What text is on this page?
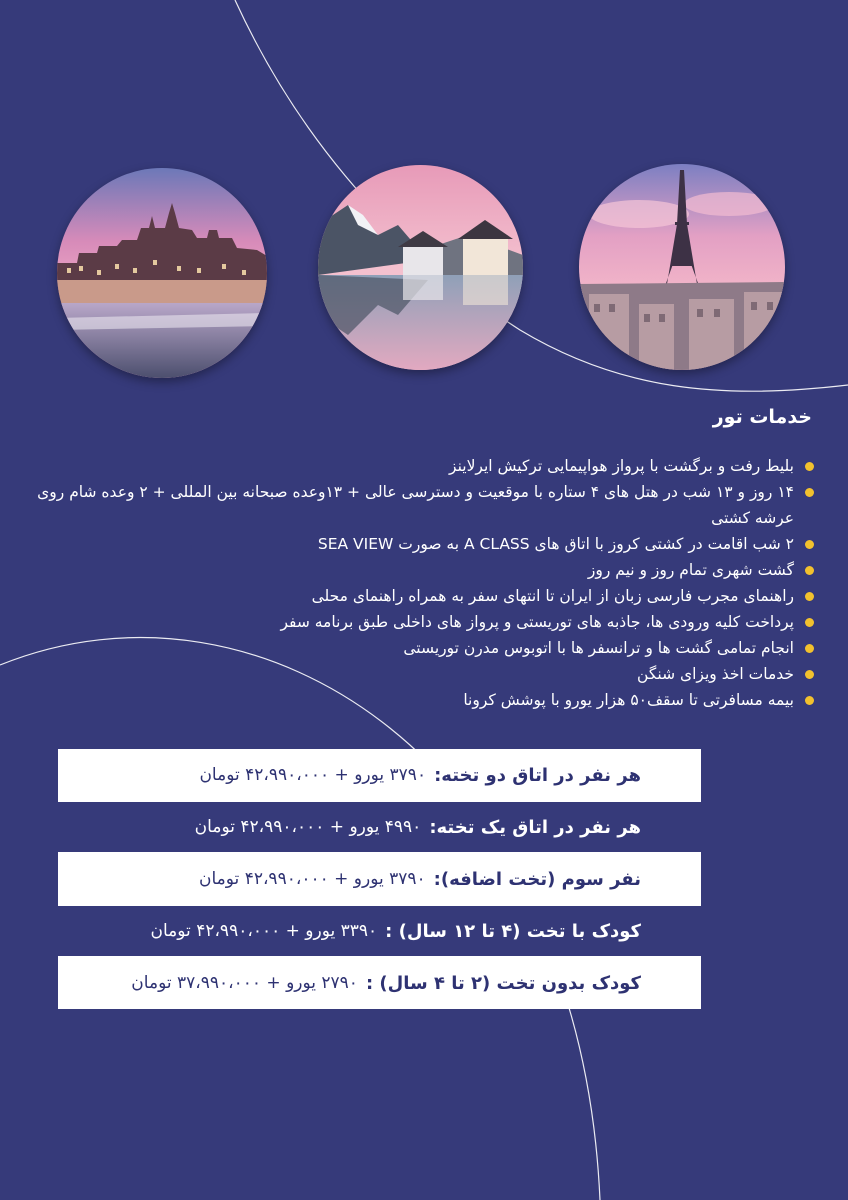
خدمات تور
بلیط رفت و برگشت با پرواز هواپیمایی ترکیش ایرلاینز
۱۴ روز و ۱۳ شب در هتل های ۴ ستاره با موقعیت و دسترسی عالی + ۱۳وعده صبحانه بین المللی + ۲ وعده شام روی عرشه کشتی
۲ شب اقامت در کشتی کروز با اتاق های A CLASS به صورت SEA VIEW
گشت شهری تمام روز و نیم روز
راهنمای مجرب فارسی زبان از ایران تا انتهای سفر به همراه راهنمای محلی
پرداخت کلیه ورودی ها، جاذبه های توریستی و پرواز های داخلی طبق برنامه سفر
انجام تمامی گشت ها و ترانسفر ها با اتوبوس مدرن توریستی
خدمات اخذ ویزای شنگن
بیمه مسافرتی تا سقف۵۰ هزار یورو با پوشش کرونا
هر نفر در اتاق دو تخته:
۳۷۹۰ یورو + ۴۲،۹۹۰،۰۰۰ تومان
هر نفر در اتاق یک تخته:
۴۹۹۰ یورو + ۴۲،۹۹۰،۰۰۰ تومان
نفر سوم (تخت اضافه):
۳۷۹۰ یورو + ۴۲،۹۹۰،۰۰۰ تومان
کودک با تخت (۴ تا ۱۲ سال) :
۳۳۹۰ یورو + ۴۲،۹۹۰،۰۰۰ تومان
کودک بدون تخت (۲ تا ۴ سال) :
۲۷۹۰ یورو + ۳۷،۹۹۰،۰۰۰ تومان
